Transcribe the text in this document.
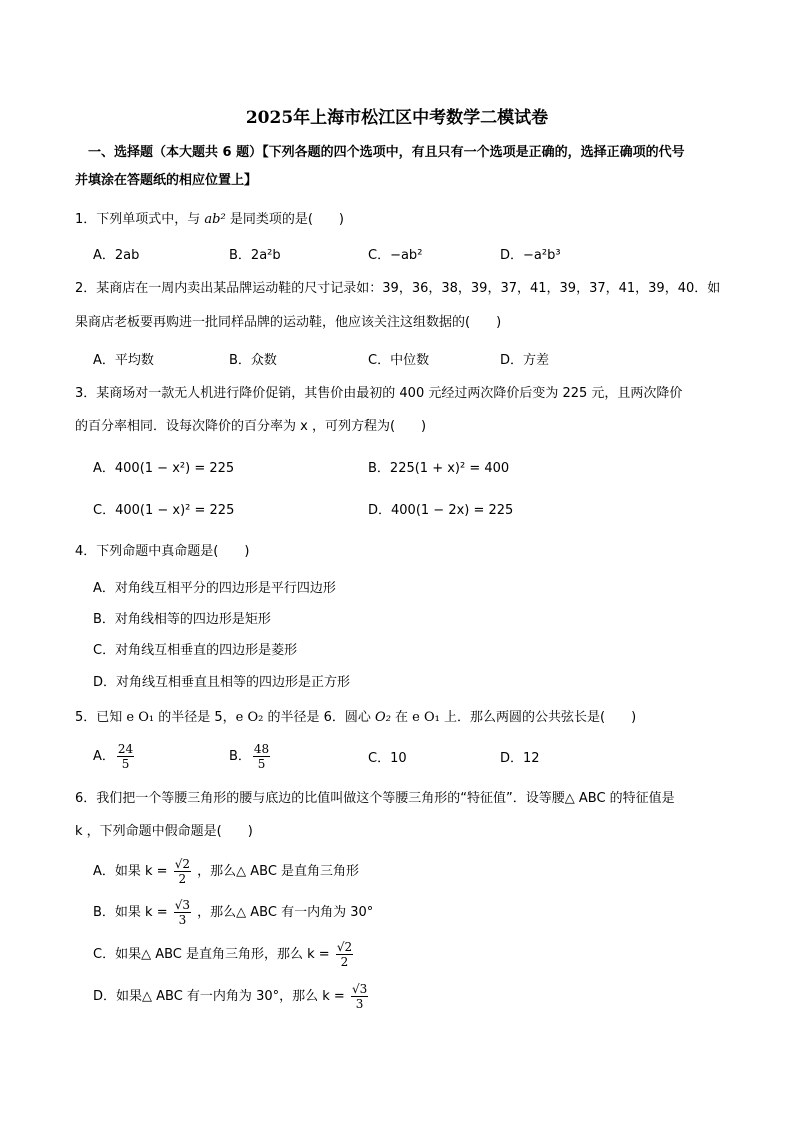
2025年上海市松江区中考数学二模试卷
一、选择题（本大题共 6 题）【下列各题的四个选项中，有且只有一个选项是正确的，选择正确项的代号
并填涂在答题纸的相应位置上】
1．下列单项式中，与 ab² 是同类项的是(　　)
A．2ab	B．2a²b	C．−ab²	D．−a²b³
2．某商店在一周内卖出某品牌运动鞋的尺寸记录如：39，36，38，39，37，41，39，37，41，39，40．如
果商店老板要再购进一批同样品牌的运动鞋，他应该关注这组数据的(　　)
A．平均数	B．众数	C．中位数	D．方差
3．某商场对一款无人机进行降价促销，其售价由最初的 400 元经过两次降价后变为 225 元，且两次降价
的百分率相同．设每次降价的百分率为 x ，可列方程为(　　)
A．400(1 − x²) = 225	B．225(1 + x)² = 400
C．400(1 − x)² = 225	D．400(1 − 2x) = 225
4．下列命题中真命题是(　　)
A．对角线互相平分的四边形是平行四边形
B．对角线相等的四边形是矩形
C．对角线互相垂直的四边形是菱形
D．对角线互相垂直且相等的四边形是正方形
5．已知 e O₁ 的半径是 5，e O₂ 的半径是 6．圆心 O₂ 在 e O₁ 上．那么两圆的公共弦长是(　　)
A． $\frac{24}{5}$	B． $\frac{48}{5}$	C．10	D．12
6．我们把一个等腰三角形的腰与底边的比值叫做这个等腰三角形的“特征值”．设等腰△ ABC 的特征值是
k ，下列命题中假命题是(　　)
A．如果 $k = \frac{√2}{2}$ ，那么△ ABC 是直角三角形
B．如果 $k = \frac{√3}{3}$ ，那么△ ABC 有一内角为 30°
C．如果△ ABC 是直角三角形，那么 $k = \frac{√2}{2}$
D．如果△ ABC 有一内角为 30°，那么 $k = \frac{√3}{3}$
